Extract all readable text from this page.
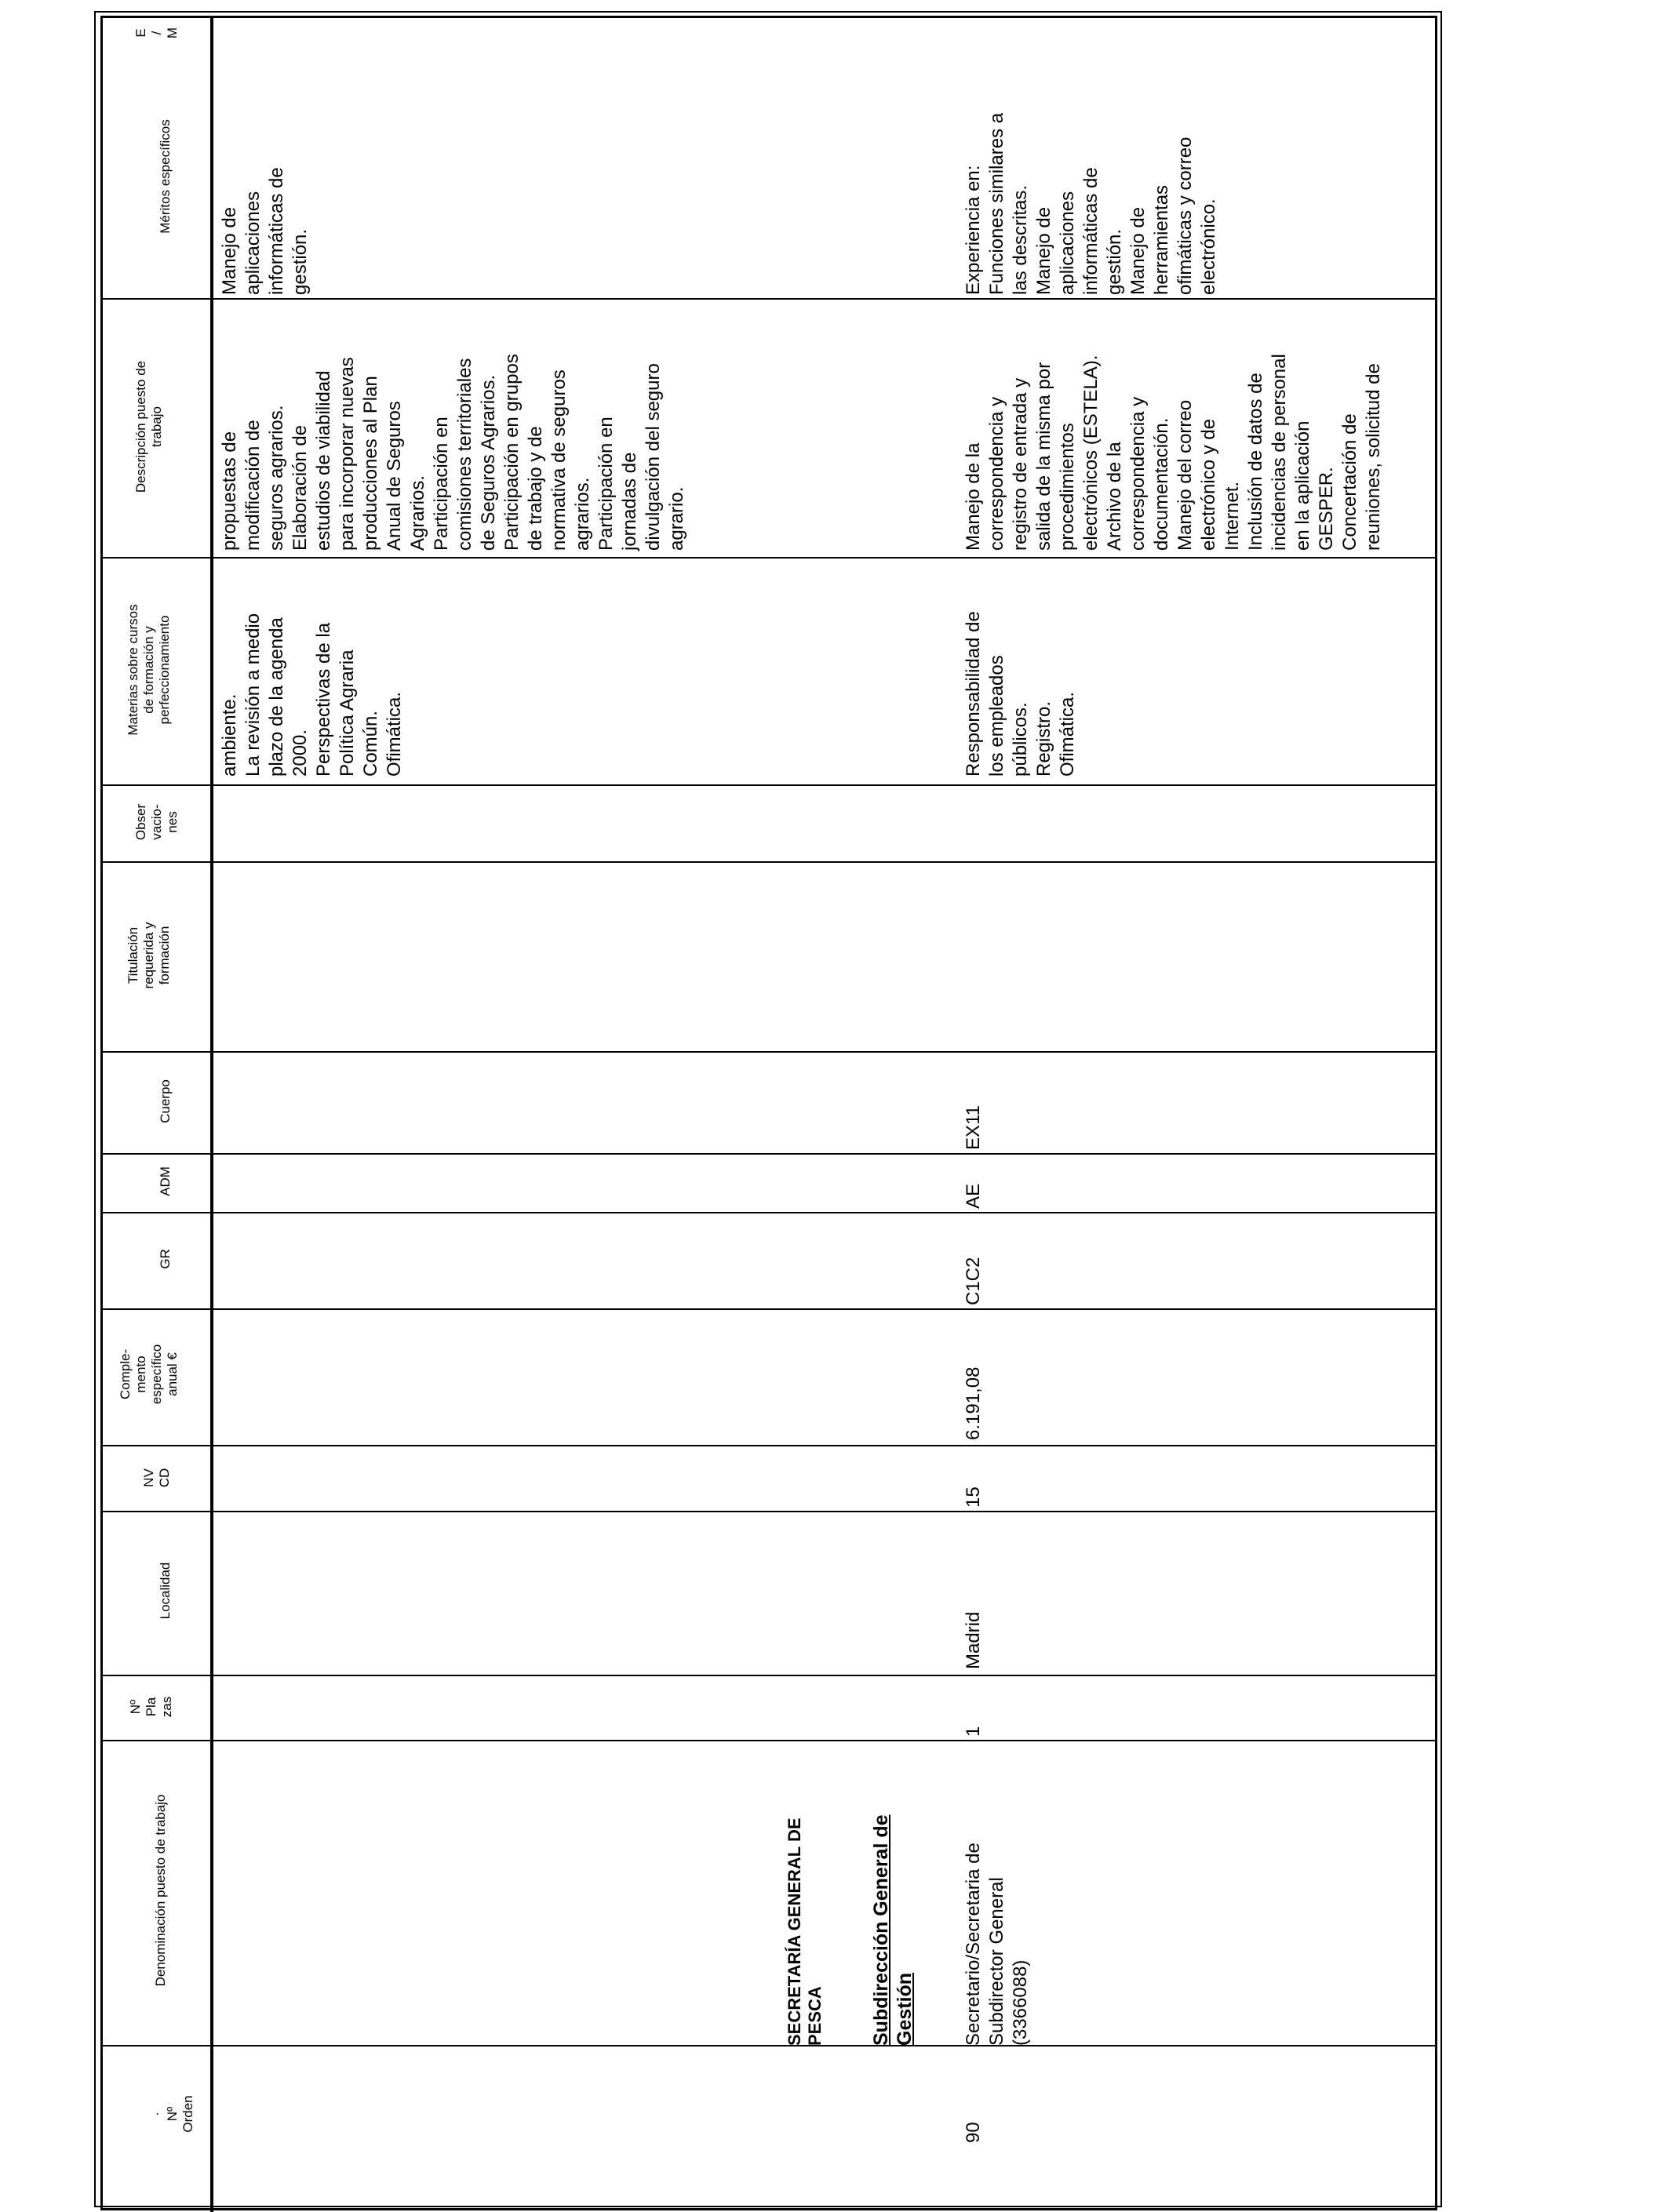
· Nº
Orden
Denominación puesto de trabajo
Nº
Pla
zas
Localidad
NV
CD
Comple-
mento
específico
anual €
GR
ADM
Cuerpo
Titulación
requerida y
formación
Obser
vacio-
nes
Materias sobre cursos
de formación y
perfeccionamiento
Descripción puesto de
trabajo
Méritos específicos
E
/
M
ambiente.
La revisión a medio
plazo de la agenda
2000.
Perspectivas de la
Política Agraria
Común.
Ofimática.
propuestas de
modificación de
seguros agrarios.
Elaboración de
estudios de viabilidad
para incorporar nuevas
producciones al Plan
Anual de Seguros
Agrarios.
Participación en
comisiones territoriales
de Seguros Agrarios.
Participación en grupos
de trabajo y de
normativa de seguros
agrarios.
Participación en
jornadas de
divulgación del seguro
agrario.
Manejo de
aplicaciones
informáticas de
gestión.
SECRETARÍA GENERAL DE
PESCA Subdirección General de
Gestión
90
Secretario/Secretaria de
Subdirector General
(3366088)
1
Madrid
15
6.191,08
C1C2
AE
EX11
Responsabilidad de
los empleados
públicos.
Registro.
Ofimática.
Manejo de la
correspondencia y
registro de entrada y
salida de la misma por
procedimientos
electrónicos (ESTELA).
Archivo de la
correspondencia y
documentación.
Manejo del correo
electrónico y de
Internet.
Inclusión de datos de
incidencias de personal
en la aplicación
GESPER.
Concertación de
reuniones, solicitud de
Experiencia en:
Funciones similares a
las descritas.
Manejo de
aplicaciones
informáticas de
gestión.
Manejo de
herramientas
ofimáticas y correo
electrónico.
